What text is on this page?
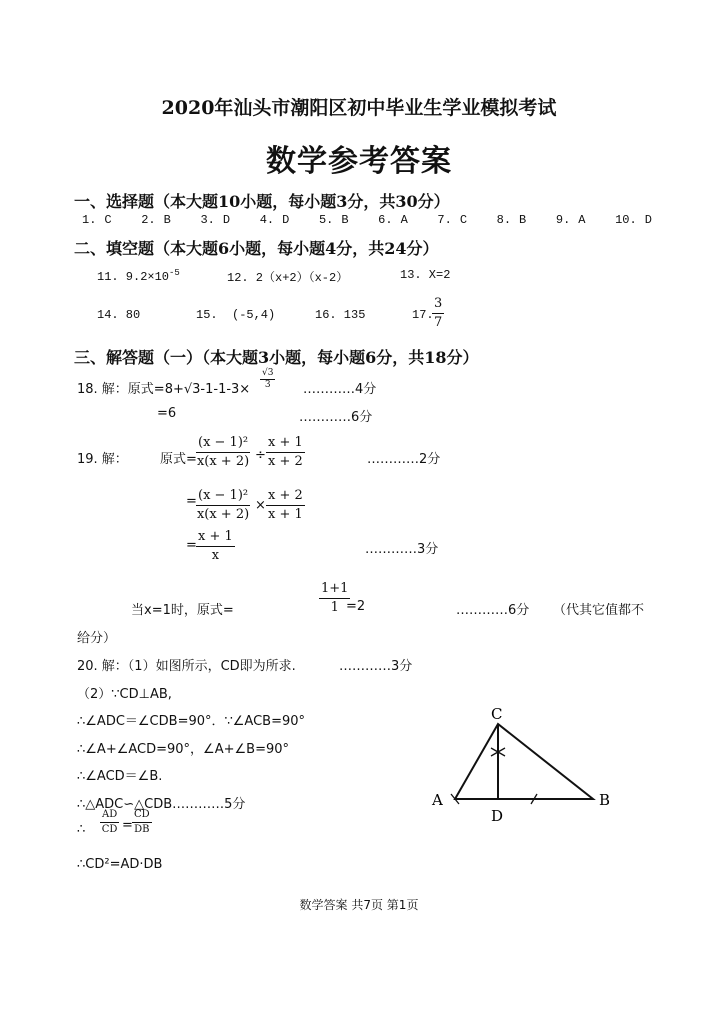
2020年汕头市潮阳区初中毕业生学业模拟考试
数学参考答案
一、选择题（本大题10小题，每小题3分，共30分）
1. C 2. B 3. D 4. D 5. B 6. A 7. C 8. B 9. A 10. D
二、填空题（本大题6小题，每小题4分，共24分）
11. $9.2\times 10^{-5}$	12. 2（x+2）（x-2）	13. X=2
14. 80	15. (-5,4)	16. 135	17.
$\frac{3}{7}$
三、解答题（一）（本大题3小题，每小题6分，共18分）
18. 解：原式$=8+√3-1-1-3\times \frac{√3}{3}$ …………4分
=6	…………6分
19. 解： 原式= $\frac{\text{(x − 1)²}}{x(x + 2)} \div \frac{x + 1}{x + 2}$	…………2分
= $\frac{\text{(x − 1)²}}{x(x + 2)} \times \frac{x + 2}{x + 1}$
= $\frac{x + 1}{x}$	…………3分
当x=1时，原式=	$\frac{1+1}{1}$
=2	…………6分 （代其它值都不
给分）
20. 解：（1）如图所示，CD即为所求.	…………3分
（2）∵CD⊥AB,
∴∠ADC＝∠CDB=90°．∵∠ACB=90°
∴∠A+∠ACD=90°，∠A+∠B=90°
∴∠ACD＝∠B.
∴△ADC∽△CDB…………5分
∴ $\frac{AD}{CD} = \frac{CD}{DB}$
∴CD²=AD·DB
C
A	B
D
数学答案 共7页 第1页
